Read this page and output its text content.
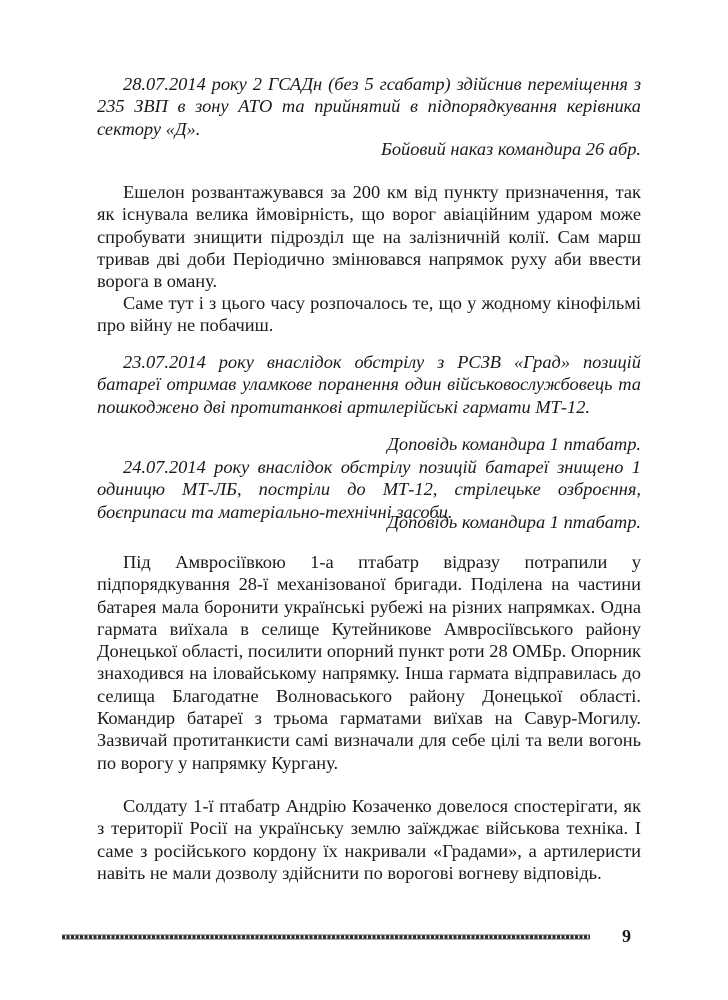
28.07.2014 року 2 ГСАДн (без 5 гсабатр) здійснив переміщення з 235 ЗВП в зону АТО та прийнятий в підпорядкування керівника сектору «Д».

Бойовий наказ командира 26 абр.

Ешелон розвантажувався за 200 км від пункту призначення, так як існувала велика ймовірність, що ворог авіаційним ударом може спробувати знищити підрозділ ще на залізничній колії. Сам марш тривав дві доби Періодично змінювався напрямок руху аби ввести ворога в оману.

Саме тут і з цього часу розпочалось те, що у жодному кінофільмі про війну не побачиш.

23.07.2014 року внаслідок обстрілу з РСЗВ «Град» позицій батареї отримав уламкове поранення один військовослужбовець та пошкоджено дві протитанкові артилерійські гармати МТ-12.

Доповідь командира 1 птабатр.

24.07.2014 року внаслідок обстрілу позицій батареї знищено 1 одиницю МТ-ЛБ, постріли до МТ-12, стрілецьке озброєння, боєприпаси та матеріально-технічні засоби.

Доповідь командира 1 птабатр.

Під Амвросіївкою 1-а птабатр відразу потрапили у підпорядкування 28-ї механізованої бригади. Поділена на частини батарея мала боронити українські рубежі на різних напрямках. Одна гармата виїхала в селище Кутейникове Амвросіївського району Донецької області, посилити опорний пункт роти 28 ОМБр. Опорник знаходився на іловайському напрямку. Інша гармата відправилась до селища Благодатне Волноваського району Донецької області. Командир батареї з трьома гарматами виїхав на Савур-Могилу. Зазвичай протитанкисти самі визначали для себе цілі та вели вогонь по ворогу у напрямку Кургану.

Солдату 1-ї птабатр Андрію Козаченко довелося спостерігати, як з території Росії на українську землю заїжджає військова техніка. І саме з російського кордону їх накривали «Градами», а артилеристи навіть не мали дозволу здійснити по ворогові вогневу відповідь.

9
